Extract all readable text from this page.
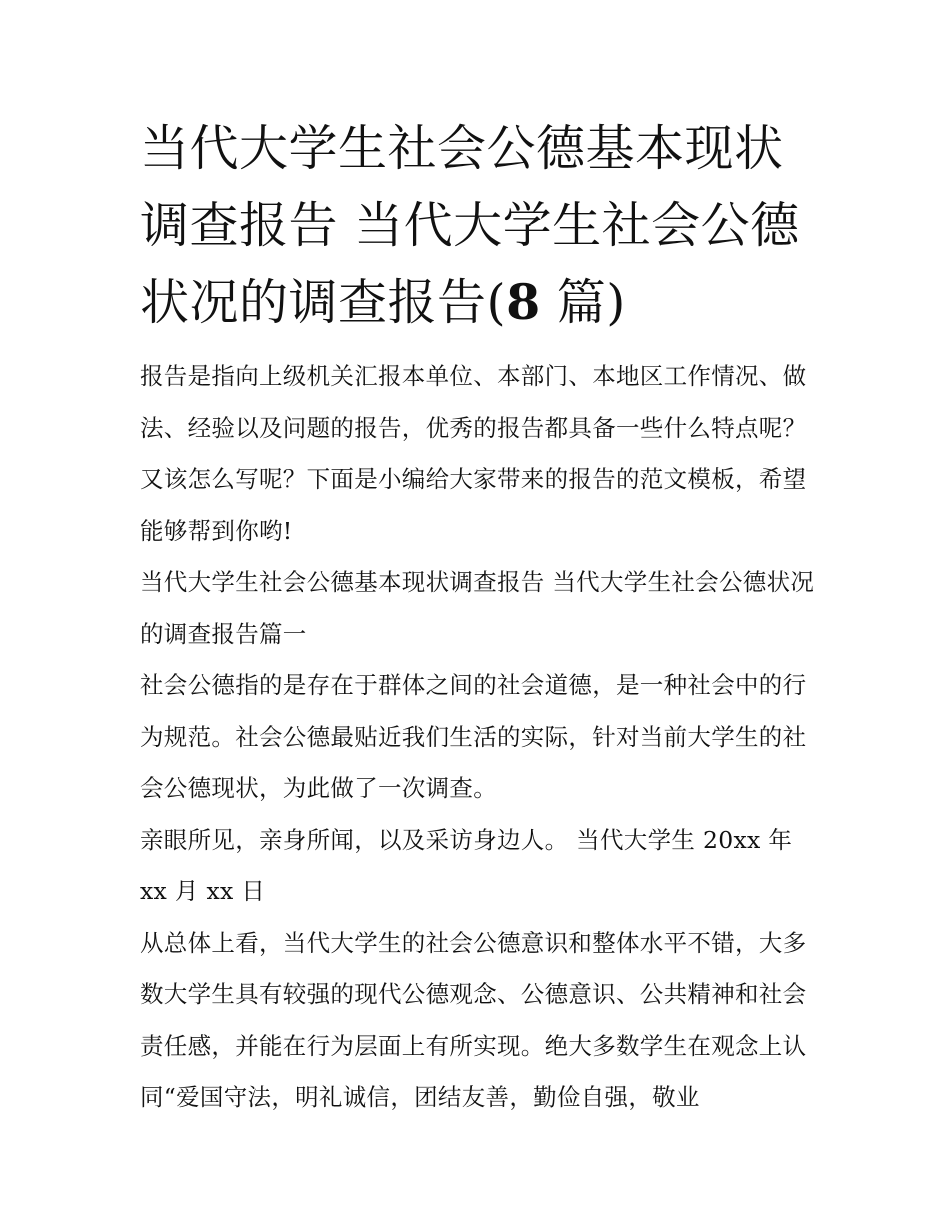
当代大学生社会公德基本现状调查报告 当代大学生社会公德状况的调查报告(8 篇)

报告是指向上级机关汇报本单位、本部门、本地区工作情况、做法、经验以及问题的报告，优秀的报告都具备一些什么特点呢？又该怎么写呢？下面是小编给大家带来的报告的范文模板，希望能够帮到你哟!

当代大学生社会公德基本现状调查报告 当代大学生社会公德状况的调查报告篇一

社会公德指的是存在于群体之间的社会道德，是一种社会中的行为规范。社会公德最贴近我们生活的实际，针对当前大学生的社会公德现状，为此做了一次调查。

亲眼所见，亲身所闻，以及采访身边人。 当代大学生 20xx 年 xx 月 xx 日

从总体上看，当代大学生的社会公德意识和整体水平不错，大多数大学生具有较强的现代公德观念、公德意识、公共精神和社会责任感，并能在行为层面上有所实现。绝大多数学生在观念上认同“爱国守法，明礼诚信，团结友善，勤俭自强，敬业
